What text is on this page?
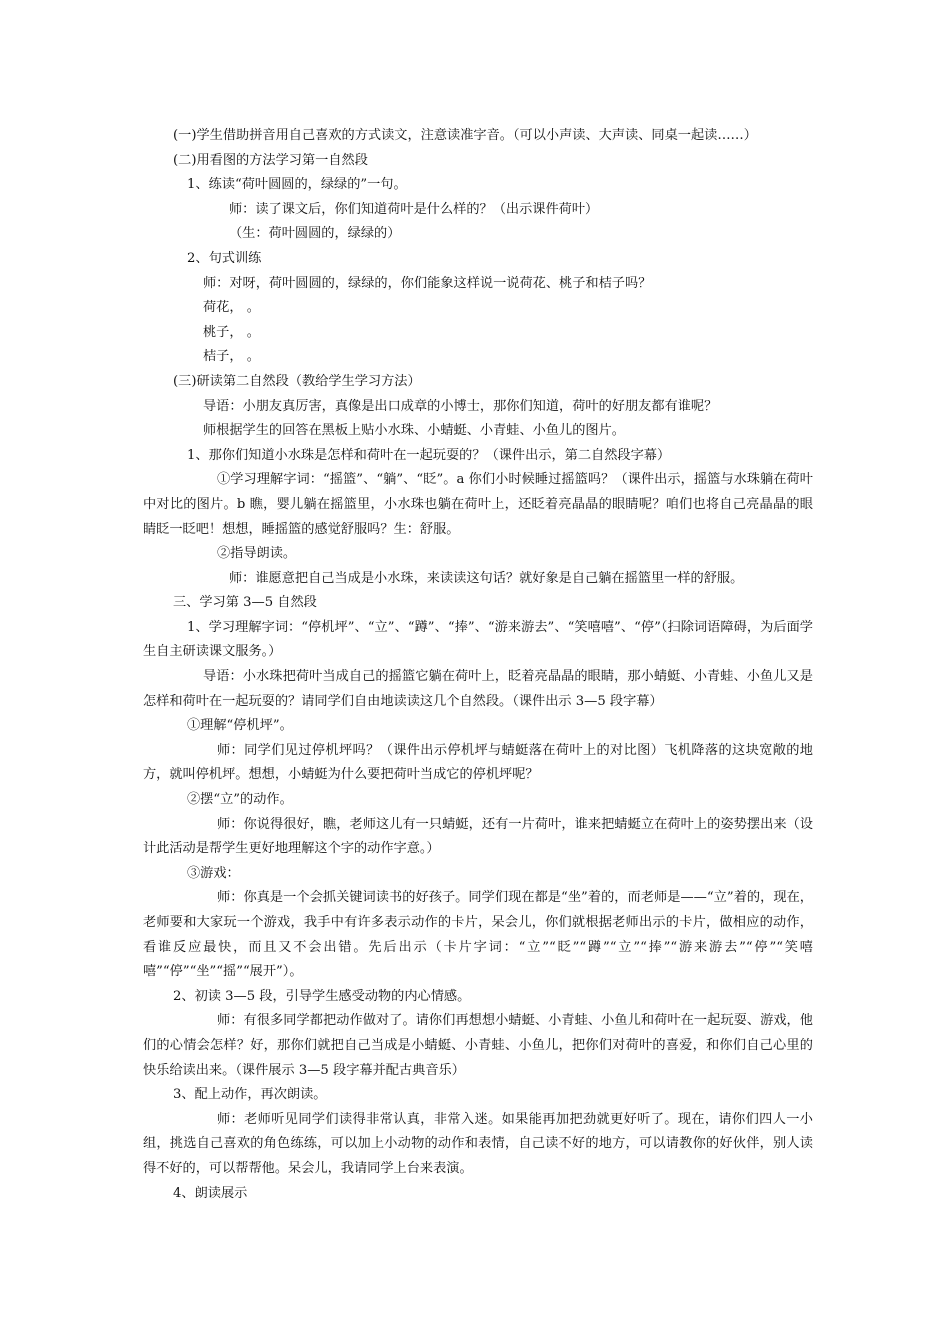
(一)学生借助拼音用自己喜欢的方式读文，注意读准字音。（可以小声读、大声读、同桌一起读……）

(二)用看图的方法学习第一自然段

1、练读“荷叶圆圆的，绿绿的”一句。

师：读了课文后，你们知道荷叶是什么样的？（出示课件荷叶）

（生：荷叶圆圆的，绿绿的）

2、句式训练

师：对呀，荷叶圆圆的，绿绿的，你们能象这样说一说荷花、桃子和桔子吗？

荷花， 。

桃子， 。

桔子， 。

(三)研读第二自然段（教给学生学习方法）

导语：小朋友真厉害，真像是出口成章的小博士，那你们知道，荷叶的好朋友都有谁呢？

师根据学生的回答在黑板上贴小水珠、小蜻蜓、小青蛙、小鱼儿的图片。

1、那你们知道小水珠是怎样和荷叶在一起玩耍的？（课件出示，第二自然段字幕）

①学习理解字词：“摇篮”、“躺”、“眨”。a 你们小时候睡过摇篮吗？（课件出示，摇篮与水珠躺在荷叶中对比的图片。b 瞧，婴儿躺在摇篮里，小水珠也躺在荷叶上，还眨着亮晶晶的眼睛呢？咱们也将自己亮晶晶的眼睛眨一眨吧！想想，睡摇篮的感觉舒服吗？生：舒服。

②指导朗读。

师：谁愿意把自己当成是小水珠，来读读这句话？就好象是自己躺在摇篮里一样的舒服。

三、学习第 3—5 自然段

1、学习理解字词：“停机坪”、“立”、“蹲”、“捧”、“游来游去”、“笑嘻嘻”、“停”（扫除词语障碍，为后面学生自主研读课文服务。）

导语：小水珠把荷叶当成自己的摇篮它躺在荷叶上，眨着亮晶晶的眼睛，那小蜻蜓、小青蛙、小鱼儿又是怎样和荷叶在一起玩耍的？请同学们自由地读读这几个自然段。（课件出示 3—5 段字幕）

①理解“停机坪”。

师：同学们见过停机坪吗？（课件出示停机坪与蜻蜓落在荷叶上的对比图）飞机降落的这块宽敞的地方，就叫停机坪。想想，小蜻蜓为什么要把荷叶当成它的停机坪呢？

②摆“立”的动作。

师：你说得很好，瞧，老师这儿有一只蜻蜓，还有一片荷叶，谁来把蜻蜓立在荷叶上的姿势摆出来（设计此活动是帮学生更好地理解这个字的动作字意。）

③游戏：

师：你真是一个会抓关键词读书的好孩子。同学们现在都是“坐”着的，而老师是——“立”着的，现在，老师要和大家玩一个游戏，我手中有许多表示动作的卡片，呆会儿，你们就根据老师出示的卡片，做相应的动作，看谁反应最快，而且又不会出错。先后出示（卡片字词：“立”“眨”“蹲”“立”“捧”“游来游去”“停”“笑嘻嘻”“停”“坐”“摇”“展开”）。

2、初读 3—5 段，引导学生感受动物的内心情感。

师：有很多同学都把动作做对了。请你们再想想小蜻蜓、小青蛙、小鱼儿和荷叶在一起玩耍、游戏，他们的心情会怎样？好，那你们就把自己当成是小蜻蜓、小青蛙、小鱼儿，把你们对荷叶的喜爱，和你们自己心里的快乐给读出来。（课件展示 3—5 段字幕并配古典音乐）

3、配上动作，再次朗读。

师：老师听见同学们读得非常认真，非常入迷。如果能再加把劲就更好听了。现在，请你们四人一小组，挑选自己喜欢的角色练练，可以加上小动物的动作和表情，自己读不好的地方，可以请教你的好伙伴，别人读得不好的，可以帮帮他。呆会儿，我请同学上台来表演。

4、朗读展示
